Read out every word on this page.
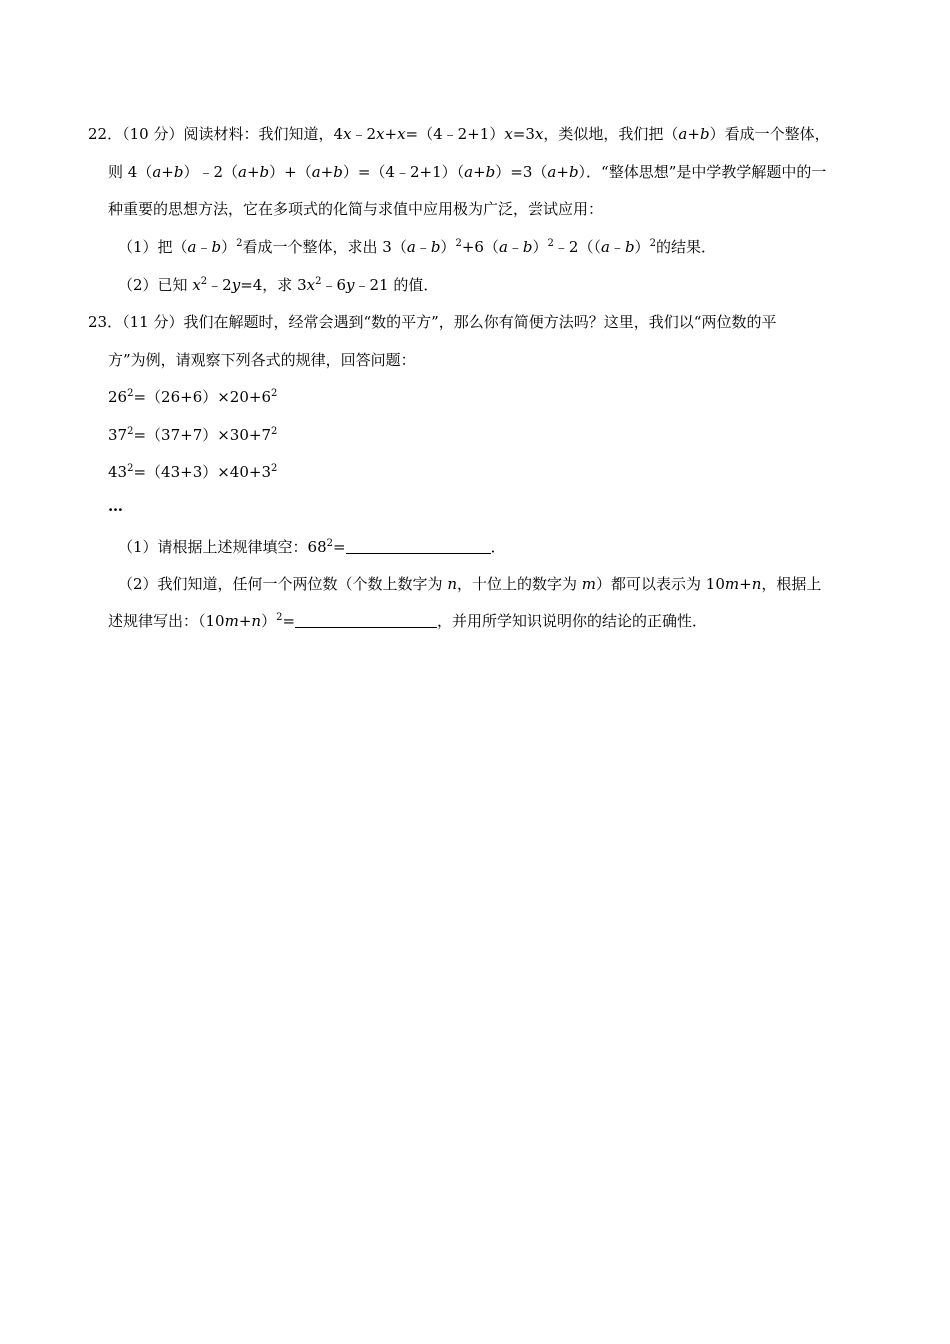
22．（10 分）阅读材料：我们知道，4x﹣2x+x=（4﹣2+1）x=3x，类似地，我们把（a+b）看成一个整体，
则 4（a+b）﹣2（a+b）+（a+b）=（4﹣2+1）（a+b）=3（a+b）．“整体思想”是中学教学解题中的一
种重要的思想方法，它在多项式的化简与求值中应用极为广泛，尝试应用：
（1）把（a﹣b）$^2$看成一个整体，求出 3（a﹣b）$^2$+6（a﹣b）$^2$﹣2（（a﹣b）$^2$的结果．
（2）已知 $x^2﹣2y=4$，求 $3x^2﹣6y﹣21$ 的值．
23．（11 分）我们在解题时，经常会遇到“数的平方”，那么你有简便方法吗？这里，我们以“两位数的平
方”为例，请观察下列各式的规律，回答问题：
$26^2=(26+6)\times 20+6^2$
$37^2=(37+7)\times 30+7^2$
$43^2=(43+3)\times 40+3^2$
…
（1）请根据上述规律填空：$68^2=$	．
（2）我们知道，任何一个两位数（个数上数字为 n，十位上的数字为 m）都可以表示为 10m+n，根据上
述规律写出：$(10m+n)^2=$	，并用所学知识说明你的结论的正确性．
